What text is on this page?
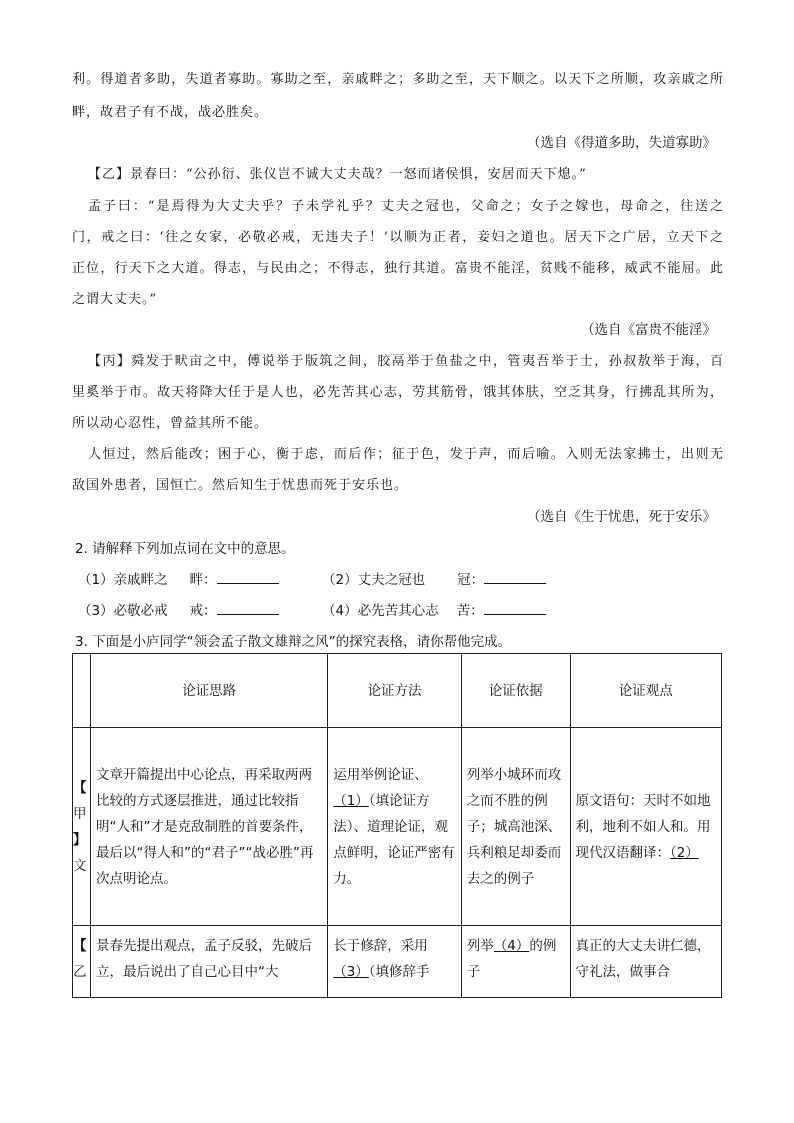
利。得道者多助，失道者寡助。寡助之至，亲戚畔之；多助之至，天下顺之。以天下之所顺，攻亲戚之所
畔，故君子有不战，战必胜矣。
（选自《得道多助，失道寡助》
【乙】景春曰：“公孙衍、张仪岂不诚大丈夫哉？一怒而诸侯惧，安居而天下熄。”
孟子曰：“是焉得为大丈夫乎？子未学礼乎？丈夫之冠也，父命之；女子之嫁也，母命之，往送之
门，戒之曰：‘往之女家，必敬必戒，无违夫子！’以顺为正者，妾妇之道也。居天下之广居，立天下之
正位，行天下之大道。得志，与民由之；不得志，独行其道。富贵不能淫，贫贱不能移，威武不能屈。此
之谓大丈夫。”
（选自《富贵不能淫》
【丙】舜发于畎亩之中，傅说举于版筑之间，胶鬲举于鱼盐之中，管夷吾举于士，孙叔敖举于海，百
里奚举于市。故天将降大任于是人也，必先苦其心志，劳其筋骨，饿其体肤，空乏其身，行拂乱其所为，
所以动心忍性，曾益其所不能。
人恒过，然后能改；困于心，衡于虑，而后作；征于色，发于声，而后喻。入则无法家拂士，出则无
敌国外患者，国恒亡。然后知生于忧患而死于安乐也。
（选自《生于忧患，死于安乐》
2. 请解释下列加点词在文中的意思。
（1）亲戚畔之 畔：	（2）丈夫之冠也 冠：
（3）必敬必戒 戒：	（4）必先苦其心志 苦：
3. 下面是小庐同学“领会孟子散文雄辩之风”的探究表格，请你帮他完成。
	论证思路	论证方法	论证依据	论证观点

【
甲
】
文	文章开篇提出中心论点，再采取两两比较的方式逐层推进，通过比较指明“人和”才是克敌制胜的首要条件，最后以“得人和”的“君子”“战必胜”再次点明论点。	运用举例论证、（1）（填论证方法）、道理论证，观点鲜明，论证严密有力。	列举小城环而攻之而不胜的例子；城高池深、兵利粮足却委而去之的例子	原文语句：天时不如地利，地利不如人和。用现代汉语翻译：（2）

【
乙	景春先提出观点，孟子反驳，先破后立，最后说出了自己心目中“大	长于修辞，采用（3）（填修辞手	列举（4）的例子	真正的大丈夫讲仁德，守礼法，做事合
